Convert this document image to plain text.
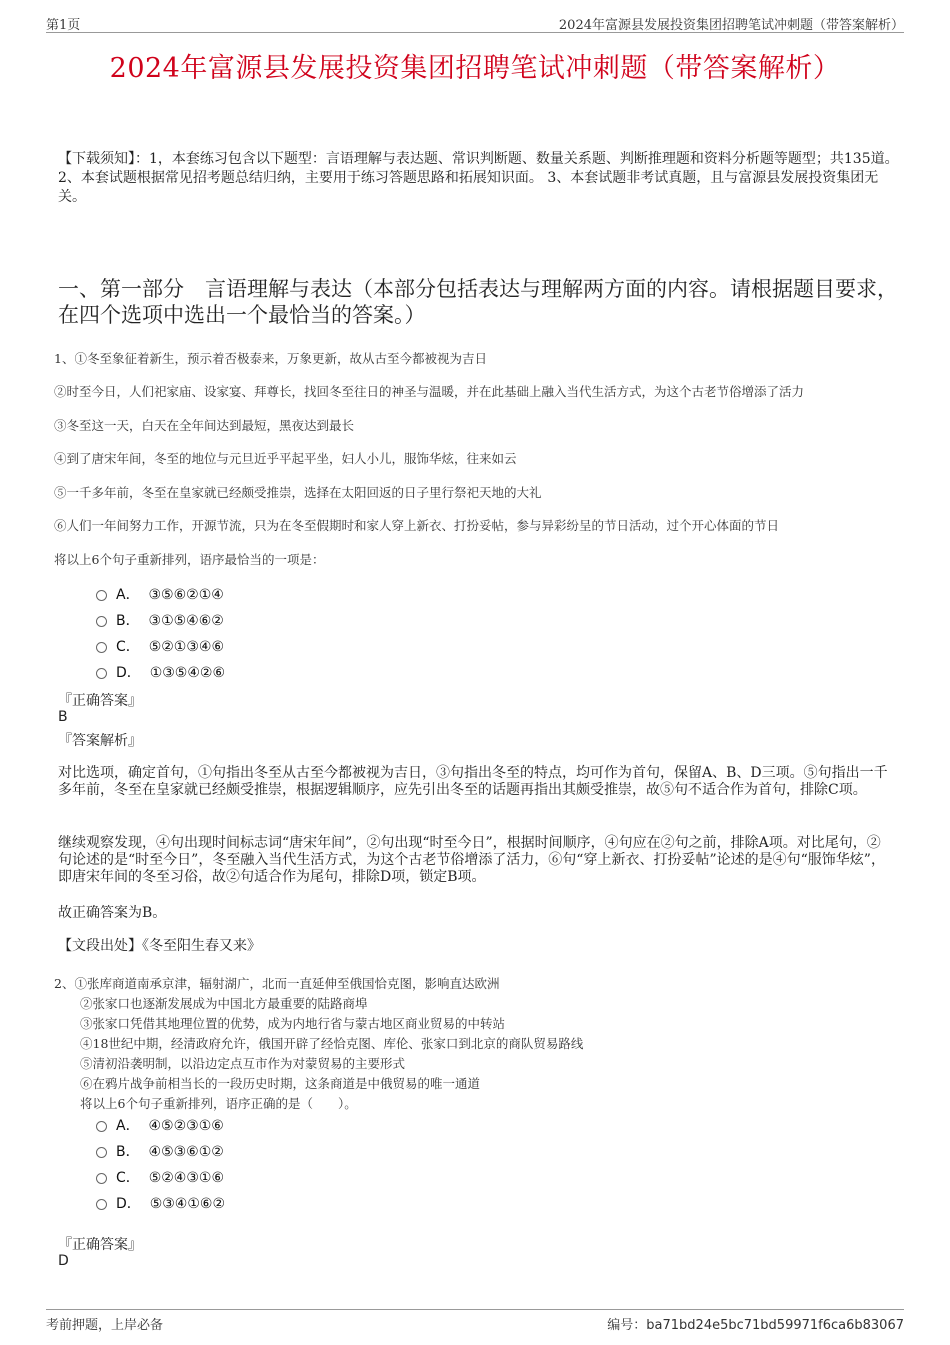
第1页	2024年富源县发展投资集团招聘笔试冲刺题（带答案解析）
2024年富源县发展投资集团招聘笔试冲刺题（带答案解析）
【下载须知】：1，本套练习包含以下题型：言语理解与表达题、常识判断题、数量关系题、判断推理题和资料分析题等题型；共135道。 2、本套试题根据常见招考题总结归纳，主要用于练习答题思路和拓展知识面。 3、本套试题非考试真题，且与富源县发展投资集团无关。
一、第一部分　言语理解与表达（本部分包括表达与理解两方面的内容。请根据题目要求，在四个选项中选出一个最恰当的答案。）
1、①冬至象征着新生，预示着否极泰来，万象更新，故从古至今都被视为吉日
②时至今日，人们祀家庙、设家宴、拜尊长，找回冬至往日的神圣与温暖，并在此基础上融入当代生活方式，为这个古老节俗增添了活力
③冬至这一天，白天在全年间达到最短，黑夜达到最长
④到了唐宋年间，冬至的地位与元旦近乎平起平坐，妇人小儿，服饰华炫，往来如云
⑤一千多年前，冬至在皇家就已经颇受推崇，选择在太阳回返的日子里行祭祀天地的大礼
⑥人们一年间努力工作，开源节流，只为在冬至假期时和家人穿上新衣、打扮妥帖，参与异彩纷呈的节日活动，过个开心体面的节日
将以上6个句子重新排列，语序最恰当的一项是：
A． ③⑤⑥②①④
B． ③①⑤④⑥②
C． ⑤②①③④⑥
D． ①③⑤④②⑥
『正确答案』
B
『答案解析』
对比选项，确定首句，①句指出冬至从古至今都被视为吉日，③句指出冬至的特点，均可作为首句，保留A、B、D三项。⑤句指出一千多年前，冬至在皇家就已经颇受推崇，根据逻辑顺序，应先引出冬至的话题再指出其颇受推崇，故⑤句不适合作为首句，排除C项。
继续观察发现，④句出现时间标志词“唐宋年间”，②句出现“时至今日”，根据时间顺序，④句应在②句之前，排除A项。对比尾句，②句论述的是“时至今日”，冬至融入当代生活方式，为这个古老节俗增添了活力，⑥句“穿上新衣、打扮妥帖”论述的是④句“服饰华炫”，即唐宋年间的冬至习俗，故②句适合作为尾句，排除D项，锁定B项。
故正确答案为B。
【文段出处】《冬至阳生春又来》
2、①张库商道南承京津，辐射湖广，北而一直延伸至俄国恰克图，影响直达欧洲
②张家口也逐渐发展成为中国北方最重要的陆路商埠
③张家口凭借其地理位置的优势，成为内地行省与蒙古地区商业贸易的中转站
④18世纪中期，经清政府允许，俄国开辟了经恰克图、库伦、张家口到北京的商队贸易路线
⑤清初沿袭明制，以沿边定点互市作为对蒙贸易的主要形式
⑥在鸦片战争前相当长的一段历史时期，这条商道是中俄贸易的唯一通道
将以上6个句子重新排列，语序正确的是（　　）。
A． ④⑤②③①⑥
B． ④⑤③⑥①②
C． ⑤②④③①⑥
D． ⑤③④①⑥②
『正确答案』
D
考前押题，上岸必备	编号：ba71bd24e5bc71bd59971f6ca6b83067
